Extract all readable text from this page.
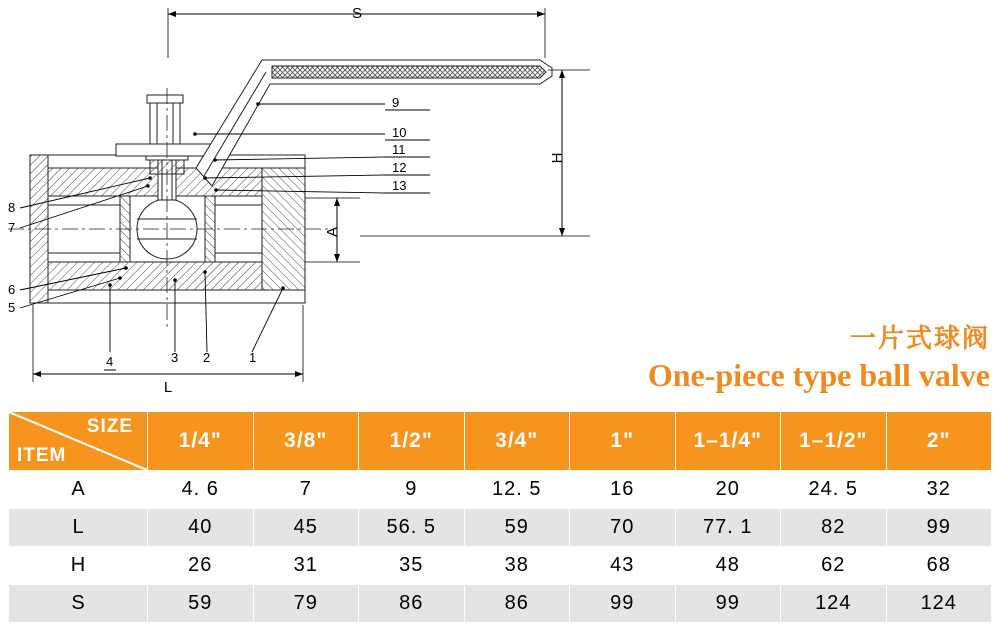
S
H
A
L
9
10
11
12
13
8
7
6
5
4	3 2	1
一片式球阀
One-piece type ball valve
SIZE
ITEM	1/4"	3/8"	1/2"	3/4"	1"	1–1/4"	1–1/2"	2"
A	4. 6	7	9	12. 5	16	20	24. 5	32
L	40	45	56. 5	59	70	77. 1	82	99
H	26	31	35	38	43	48	62	68
S	59	79	86	86	99	99	124	124
